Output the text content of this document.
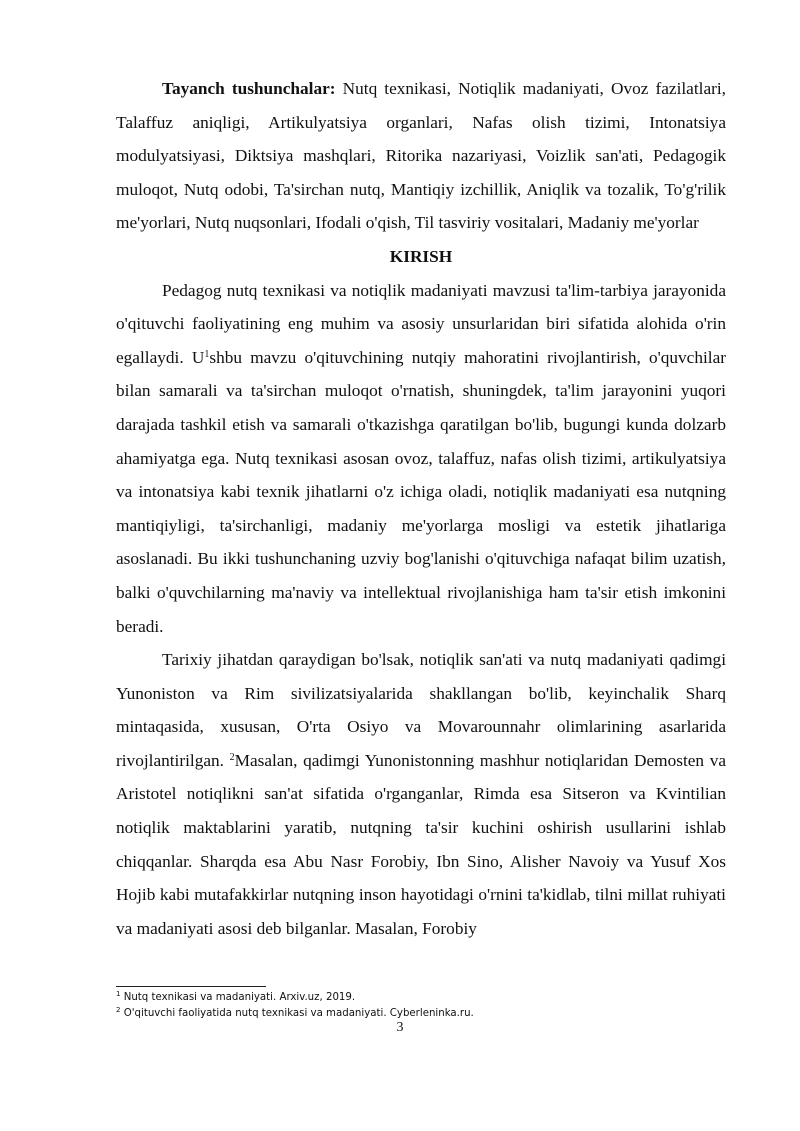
Tayanch tushunchalar: Nutq texnikasi, Notiqlik madaniyati, Ovoz fazilatlari, Talaffuz aniqligi, Artikulyatsiya organlari, Nafas olish tizimi, Intonatsiya modulyatsiyasi, Diktsiya mashqlari, Ritorika nazariyasi, Voizlik san'ati, Pedagogik muloqot, Nutq odobi, Ta'sirchan nutq, Mantiqiy izchillik, Aniqlik va tozalik, To'g'rilik me'yorlari, Nutq nuqsonlari, Ifodali o'qish, Til tasviriy vositalari, Madaniy me'yorlar

KIRISH

Pedagog nutq texnikasi va notiqlik madaniyati mavzusi ta'lim-tarbiya jarayonida o'qituvchi faoliyatining eng muhim va asosiy unsurlaridan biri sifatida alohida o'rin egallaydi. $U^1shbu$ mavzu o'qituvchining nutqiy mahoratini rivojlantirish, o'quvchilar bilan samarali va ta'sirchan muloqot o'rnatish, shuningdek, ta'lim jarayonini yuqori darajada tashkil etish va samarali o'tkazishga qaratilgan bo'lib, bugungi kunda dolzarb ahamiyatga ega. Nutq texnikasi asosan ovoz, talaffuz, nafas olish tizimi, artikulyatsiya va intonatsiya kabi texnik jihatlarni o'z ichiga oladi, notiqlik madaniyati esa nutqning mantiqiyligi, ta'sirchanligi, madaniy me'yorlarga mosligi va estetik jihatlariga asoslanadi. Bu ikki tushunchaning uzviy bog'lanishi o'qituvchiga nafaqat bilim uzatish, balki o'quvchilarning ma'naviy va intellektual rivojlanishiga ham ta'sir etish imkonini beradi.

Tarixiy jihatdan qaraydigan bo'lsak, notiqlik san'ati va nutq madaniyati qadimgi Yunoniston va Rim sivilizatsiyalarida shakllangan bo'lib, keyinchalik Sharq mintaqasida, xususan, O'rta Osiyo va Movarounnahr olimlarining asarlarida rivojlantirilgan. $^2$Masalan, qadimgi Yunonistonning mashhur notiqlaridan Demosten va Aristotel notiqlikni san'at sifatida o'rganganlar, Rimda esa Sitseron va Kvintilian notiqlik maktablarini yaratib, nutqning ta'sir kuchini oshirish usullarini ishlab chiqqanlar. Sharqda esa Abu Nasr Forobiy, Ibn Sino, Alisher Navoiy va Yusuf Xos Hojib kabi mutafakkirlar nutqning inson hayotidagi o'rnini ta'kidlab, tilni millat ruhiyati va madaniyati asosi deb bilganlar. Masalan, Forobiy

$^1$ Nutq texnikasi va madaniyati. Arxiv.uz, 2019.
$^2$ O'qituvchi faoliyatida nutq texnikasi va madaniyati. Cyberleninka.ru.
3
